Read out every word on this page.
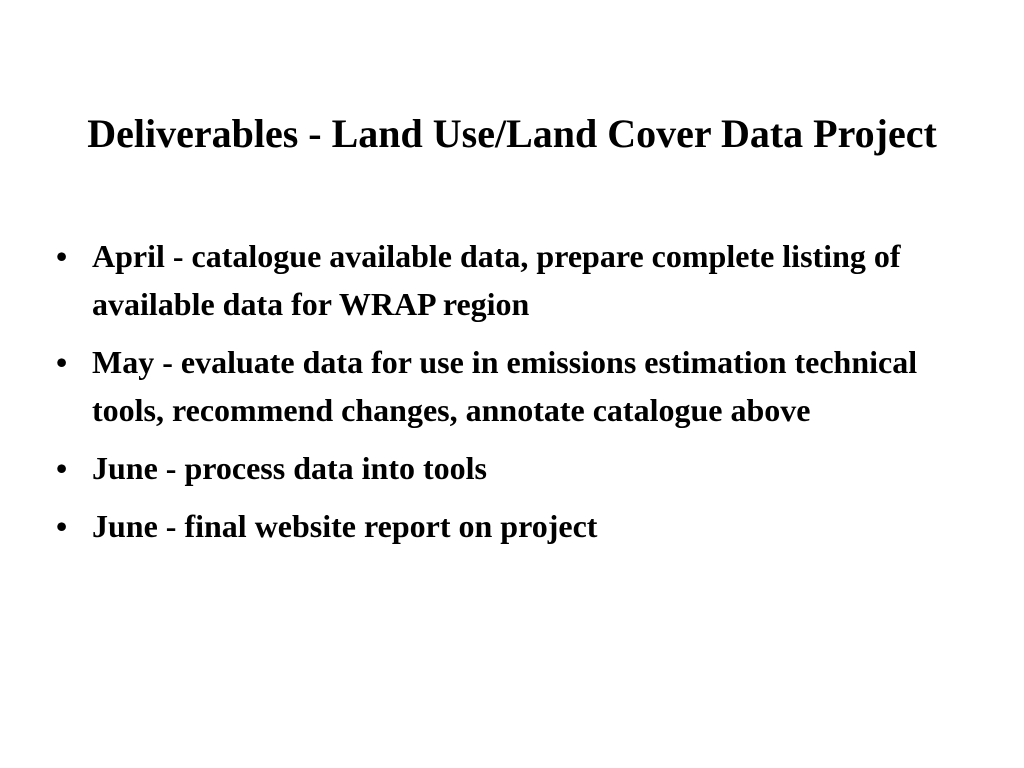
Deliverables - Land Use/Land Cover Data Project
• April - catalogue available data, prepare complete listing of available data for WRAP region
• May - evaluate data for use in emissions estimation technical tools, recommend changes, annotate catalogue above
• June - process data into tools
• June - final website report on project
